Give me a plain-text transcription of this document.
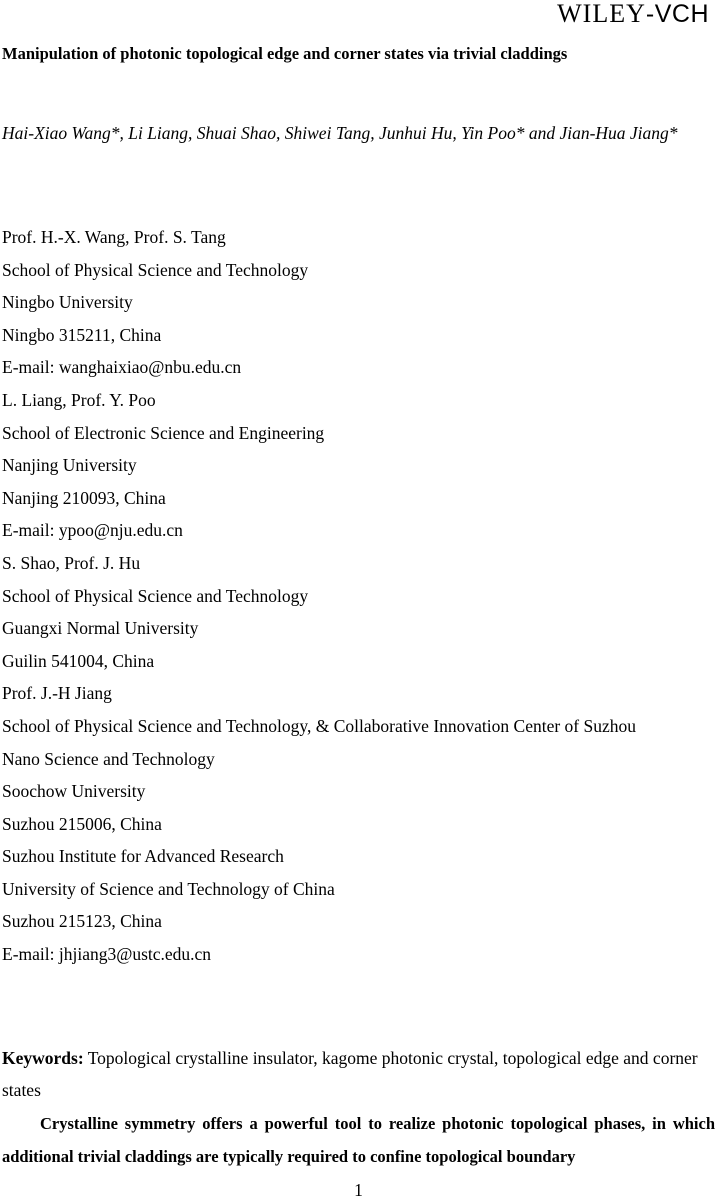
WILEY-VCH
Manipulation of photonic topological edge and corner states via trivial claddings
Hai-Xiao Wang*, Li Liang, Shuai Shao, Shiwei Tang, Junhui Hu, Yin Poo* and Jian-Hua Jiang*
Prof. H.-X. Wang, Prof. S. Tang
School of Physical Science and Technology
Ningbo University
Ningbo 315211, China
E-mail: wanghaixiao@nbu.edu.cn
L. Liang, Prof. Y. Poo
School of Electronic Science and Engineering
Nanjing University
Nanjing 210093, China
E-mail: ypoo@nju.edu.cn
S. Shao, Prof. J. Hu
School of Physical Science and Technology
Guangxi Normal University
Guilin 541004, China
Prof. J.-H Jiang
School of Physical Science and Technology, & Collaborative Innovation Center of Suzhou
Nano Science and Technology
Soochow University
Suzhou 215006, China
Suzhou Institute for Advanced Research
University of Science and Technology of China
Suzhou 215123, China
E-mail: jhjiang3@ustc.edu.cn
Keywords: Topological crystalline insulator, kagome photonic crystal, topological edge and corner states
Crystalline symmetry offers a powerful tool to realize photonic topological phases, in which additional trivial claddings are typically required to confine topological boundary
1
